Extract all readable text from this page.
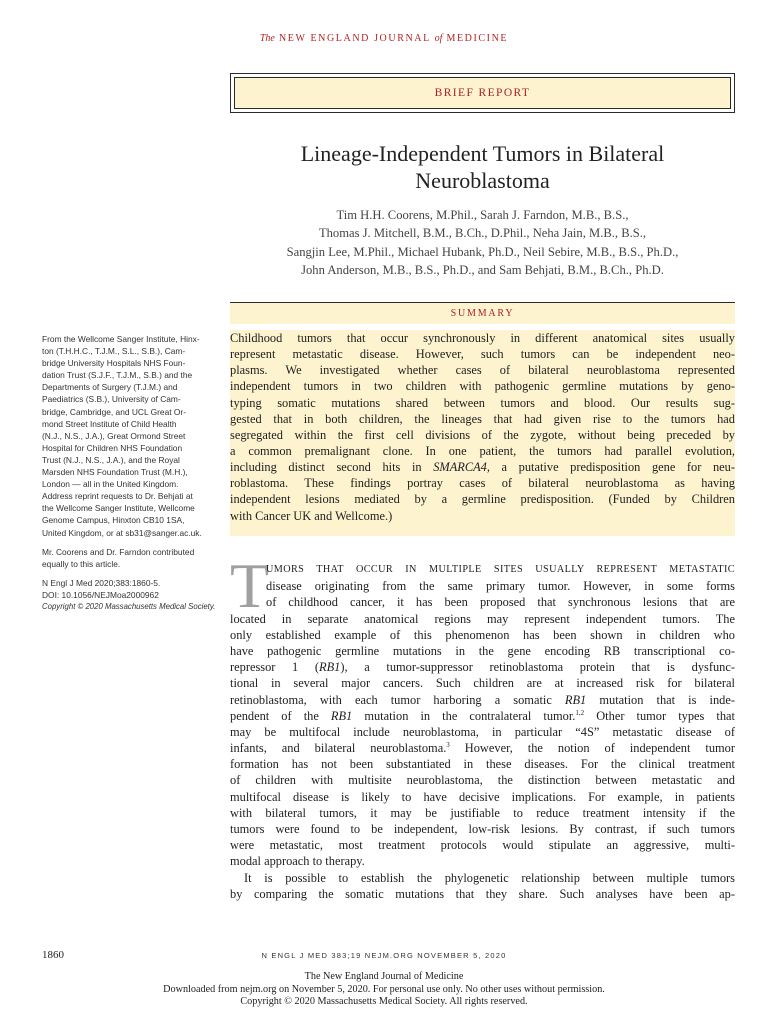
The NEW ENGLAND JOURNAL of MEDICINE
BRIEF REPORT
Lineage-Independent Tumors in Bilateral
Neuroblastoma
Tim H.H. Coorens, M.Phil., Sarah J. Farndon, M.B., B.S.,
Thomas J. Mitchell, B.M., B.Ch., D.Phil., Neha Jain, M.B., B.S.,
Sangjin Lee, M.Phil., Michael Hubank, Ph.D., Neil Sebire, M.B., B.S., Ph.D.,
John Anderson, M.B., B.S., Ph.D., and Sam Behjati, B.M., B.Ch., Ph.D.
SUMMARY
Childhood tumors that occur synchronously in different anatomical sites usually
represent metastatic disease. However, such tumors can be independent neo-
plasms. We investigated whether cases of bilateral neuroblastoma represented
independent tumors in two children with pathogenic germline mutations by geno-
typing somatic mutations shared between tumors and blood. Our results sug-
gested that in both children, the lineages that had given rise to the tumors had
segregated within the first cell divisions of the zygote, without being preceded by
a common premalignant clone. In one patient, the tumors had parallel evolution,
including distinct second hits in SMARCA4, a putative predisposition gene for neu-
roblastoma. These findings portray cases of bilateral neuroblastoma as having
independent lesions mediated by a germline predisposition. (Funded by Children
with Cancer UK and Wellcome.)
From the Wellcome Sanger Institute, Hinx-
ton (T.H.H.C., T.J.M., S.L., S.B.), Cam-
bridge University Hospitals NHS Foun-
dation Trust (S.J.F., T.J.M., S.B.) and the
Departments of Surgery (T.J.M.) and
Paediatrics (S.B.), University of Cam-
bridge, Cambridge, and UCL Great Or-
mond Street Institute of Child Health
(N.J., N.S., J.A.), Great Ormond Street
Hospital for Children NHS Foundation
Trust (N.J., N.S., J.A.), and the Royal
Marsden NHS Foundation Trust (M.H.),
London — all in the United Kingdom.
Address reprint requests to Dr. Behjati at
the Wellcome Sanger Institute, Wellcome
Genome Campus, Hinxton CB10 1SA,
United Kingdom, or at sb31@sanger.ac.uk.
Mr. Coorens and Dr. Farndon contributed
equally to this article.
N Engl J Med 2020;383:1860-5.
DOI: 10.1056/NEJMoa2000962
Copyright © 2020 Massachusetts Medical Society. T
UMORS THAT OCCUR IN MULTIPLE SITES USUALLY REPRESENT METASTATIC
disease originating from the same primary tumor. However, in some forms
of childhood cancer, it has been proposed that synchronous lesions that are
located in separate anatomical regions may represent independent tumors. The
only established example of this phenomenon has been shown in children who
have pathogenic germline mutations in the gene encoding RB transcriptional co-
repressor 1 (RB1), a tumor-suppressor retinoblastoma protein that is dysfunc-
tional in several major cancers. Such children are at increased risk for bilateral
retinoblastoma, with each tumor harboring a somatic RB1 mutation that is inde-
pendent of the RB1 mutation in the contralateral tumor.$^{1,2}$ Other tumor types that
may be multifocal include neuroblastoma, in particular “4S” metastatic disease of
infants, and bilateral neuroblastoma.$^3$ However, the notion of independent tumor
formation has not been substantiated in these diseases. For the clinical treatment
of children with multisite neuroblastoma, the distinction between metastatic and
multifocal disease is likely to have decisive implications. For example, in patients
with bilateral tumors, it may be justifiable to reduce treatment intensity if the
tumors were found to be independent, low-risk lesions. By contrast, if such tumors
were metastatic, most treatment protocols would stipulate an aggressive, multi-
modal approach to therapy.
It is possible to establish the phylogenetic relationship between multiple tumors
by comparing the somatic mutations that they share. Such analyses have been ap-
1860	N ENGL J MED 383;19 NEJM.ORG NOVEMBER 5, 2020
The New England Journal of Medicine
Downloaded from nejm.org on November 5, 2020. For personal use only. No other uses without permission.
Copyright © 2020 Massachusetts Medical Society. All rights reserved.
